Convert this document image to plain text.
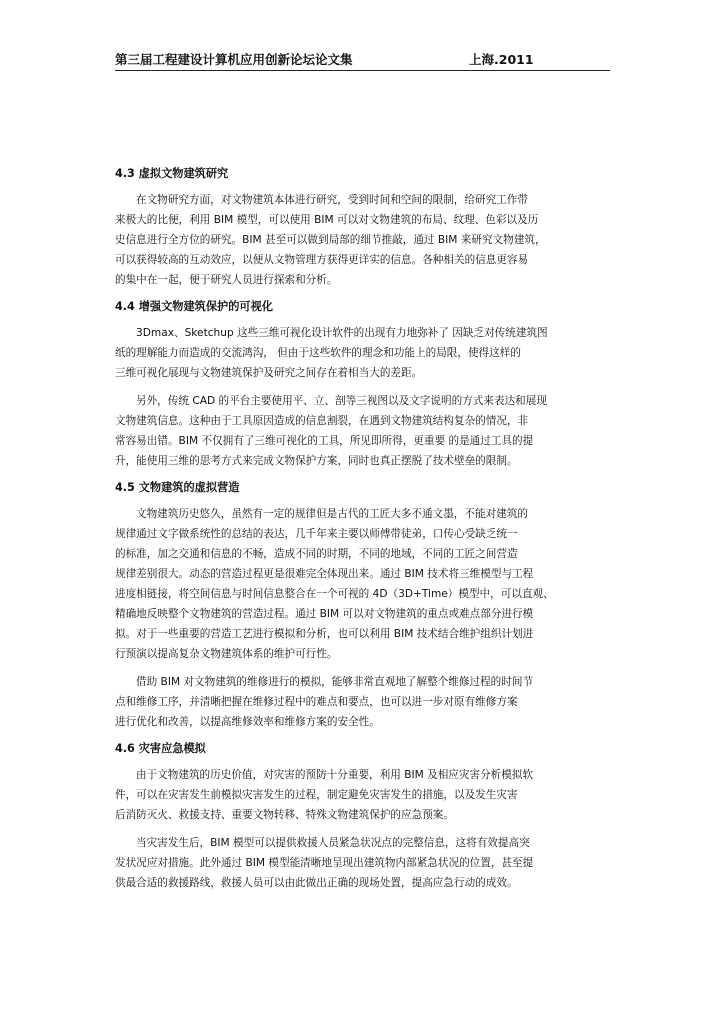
第三届工程建设计算机应用创新论坛论文集	上海.2011
4.3 虚拟文物建筑研究

在文物研究方面，对文物建筑本体进行研究，受到时间和空间的限制，给研究工作带
来极大的比便，利用 BIM 模型，可以使用 BIM 可以对文物建筑的布局、纹理、色彩以及历
史信息进行全方位的研究。BIM 甚至可以做到局部的细节推敲，通过 BIM 来研究文物建筑，
可以获得较高的互动效应，以便从文物管理方获得更详实的信息。各种相关的信息更容易
的集中在一起，便于研究人员进行探索和分析。

4.4 增强文物建筑保护的可视化

3Dmax、Sketchup 这些三维可视化设计软件的出现有力地弥补了 因缺乏对传统建筑图
纸的理解能力而造成的交流鸿沟， 但由于这些软件的理念和功能上的局限，使得这样的
三维可视化展现与文物建筑保护及研究之间存在着相当大的差距。

另外，传统 CAD 的平台主要使用平、立、剖等三视图以及文字说明的方式来表达和展现
文物建筑信息。这种由于工具原因造成的信息割裂，在遇到文物建筑结构复杂的情况，非
常容易出错。BIM 不仅拥有了三维可视化的工具，所见即所得，更重要 的是通过工具的提
升，能使用三维的思考方式来完成文物保护方案，同时也真正摆脱了技术壁垒的限制。

4.5 文物建筑的虚拟营造

文物建筑历史悠久，虽然有一定的规律但是古代的工匠大多不通文墨，不能对建筑的
规律通过文字做系统性的总结的表达，几千年来主要以师傅带徒弟，口传心受缺乏统一
的标准，加之交通和信息的不畅，造成不同的时期，不同的地域，不同的工匠之间营造
规律差别很大。动态的营造过程更是很难完全体现出来。通过 BIM 技术将三维模型与工程
进度相链接，将空间信息与时间信息整合在一个可视的 4D（3D+Time）模型中，可以直观、
精确地反映整个文物建筑的营造过程。通过 BIM 可以对文物建筑的重点或难点部分进行模
拟。对于一些重要的营造工艺进行模拟和分析，也可以利用 BIM 技术结合维护组织计划进
行预演以提高复杂文物建筑体系的维护可行性。

借助 BIM 对文物建筑的维修进行的模拟，能够非常直观地了解整个维修过程的时间节
点和维修工序，并清晰把握在维修过程中的难点和要点，也可以进一步对原有维修方案
进行优化和改善，以提高维修效率和维修方案的安全性。

4.6 灾害应急模拟

由于文物建筑的历史价值，对灾害的预防十分重要，利用 BIM 及相应灾害分析模拟软
件，可以在灾害发生前模拟灾害发生的过程，制定避免灾害发生的措施，以及发生灾害
后消防灭火、救援支持、重要文物转移、特殊文物建筑保护的应急预案。

当灾害发生后，BIM 模型可以提供救援人员紧急状况点的完整信息，这将有效提高突
发状况应对措施。此外通过 BIM 模型能清晰地呈现出建筑物内部紧急状况的位置，甚至提
供最合适的救援路线，救援人员可以由此做出正确的现场处置，提高应急行动的成效。
